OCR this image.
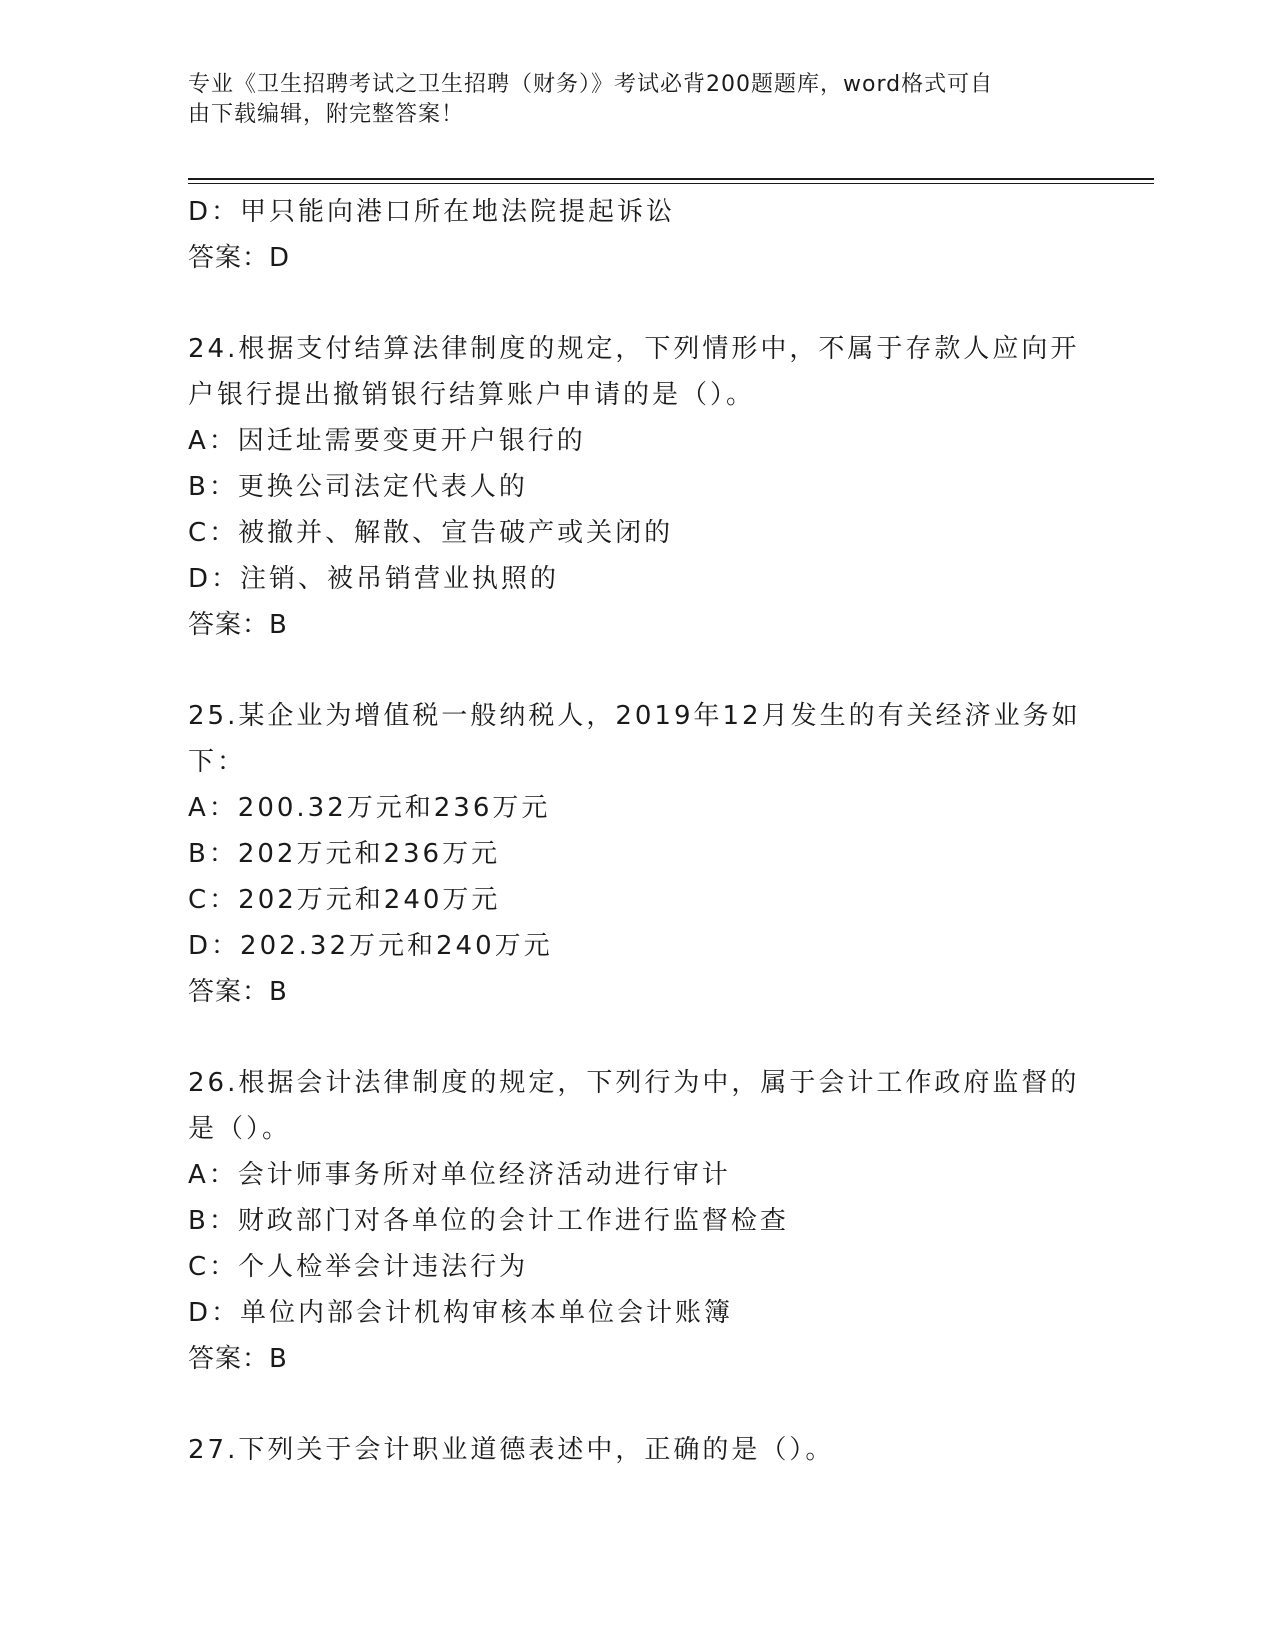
专业《卫生招聘考试之卫生招聘（财务）》考试必背200题题库，word格式可自
由下载编辑，附完整答案！
D：甲只能向港口所在地法院提起诉讼
答案：D
24.根据支付结算法律制度的规定，下列情形中，不属于存款人应向开
户银行提出撤销银行结算账户申请的是（）。
A：因迁址需要变更开户银行的
B：更换公司法定代表人的
C：被撤并、解散、宣告破产或关闭的
D：注销、被吊销营业执照的
答案：B
25.某企业为增值税一般纳税人，2019年12月发生的有关经济业务如
下：
A：200.32万元和236万元
B：202万元和236万元
C：202万元和240万元
D：202.32万元和240万元
答案：B
26.根据会计法律制度的规定，下列行为中，属于会计工作政府监督的
是（）。
A：会计师事务所对单位经济活动进行审计
B：财政部门对各单位的会计工作进行监督检查
C：个人检举会计违法行为
D：单位内部会计机构审核本单位会计账簿
答案：B
27.下列关于会计职业道德表述中，正确的是（）。
